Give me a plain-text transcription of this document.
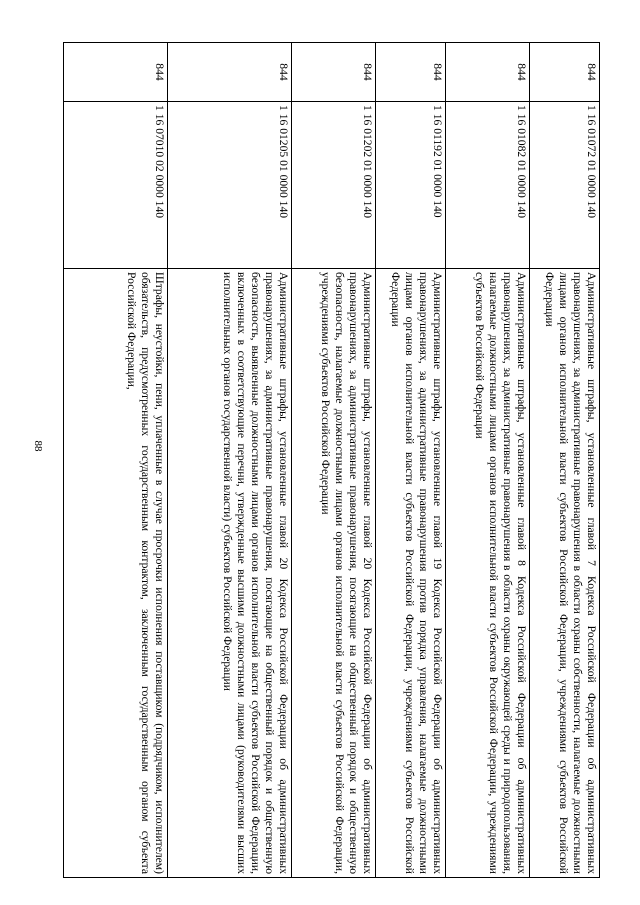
88
844	1 16 01072 01 0000 140	Административные штрафы, установленные главой 7 Кодекса Российской Федерации об административных правонарушениях, за административные правонарушения в области охраны собственности, налагаемые должностными лицами органов исполнительной власти субъектов Российской Федерации, учреждениями субъектов Российской Федерации
844	1 16 01082 01 0000 140	Административные штрафы, установленные главой 8 Кодекса Российской Федерации об административных правонарушениях, за административные правонарушения в области охраны окружающей среды и природопользования, налагаемые должностными лицами органов исполнительной власти субъектов Российской Федерации, учреждениями субъектов Российской Федерации
844	1 16 01192 01 0000 140	Административные штрафы, установленные главой 19 Кодекса Российской Федерации об административных правонарушениях, за административные правонарушения против порядка управления, налагаемые должностными лицами органов исполнительной власти субъектов Российской Федерации, учреждениями субъектов Российской Федерации
844	1 16 01202 01 0000 140	Административные штрафы, установленные главой 20 Кодекса Российской Федерации об административных правонарушениях, за административные правонарушения, посягающие на общественный порядок и общественную безопасность, налагаемые должностными лицами органов исполнительной власти субъектов Российской Федерации, учреждениями субъектов Российской Федерации
844	1 16 01205 01 0000 140	Административные штрафы, установленные главой 20 Кодекса Российской Федерации об административных правонарушениях, за административные правонарушения, посягающие на общественный порядок и общественную безопасность, выявленные должностными лицами органов исполнительной власти субъектов Российской Федерации, включенных в соответствующие перечни, утвержденные высшими должностными лицами (руководителями высших исполнительных органов государственной власти) субъектов Российской Федерации
844	1 16 07010 02 0000 140	Штрафы, неустойки, пени, уплаченные в случае просрочки исполнения поставщиком (подрядчиком, исполнителем) обязательств, предусмотренных государственным контрактом, заключенным государственным органом субъекта Российской Федерации,
